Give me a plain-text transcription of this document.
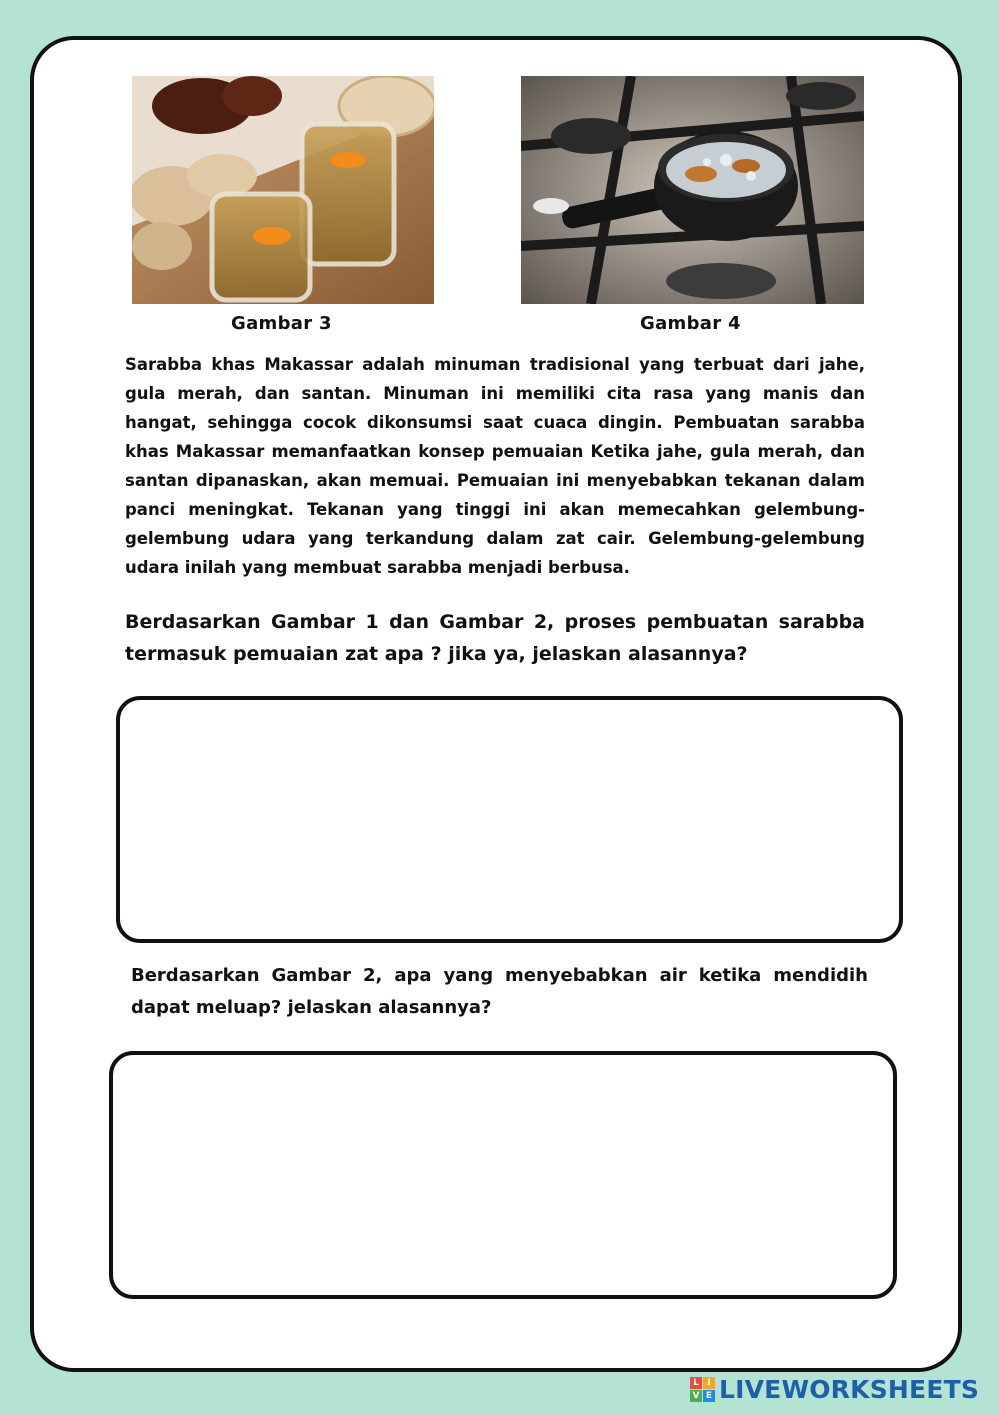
Gambar 3	Gambar 4

Sarabba khas Makassar adalah minuman tradisional yang terbuat dari jahe, gula merah, dan santan. Minuman ini memiliki cita rasa yang manis dan hangat, sehingga cocok dikonsumsi saat cuaca dingin. Pembuatan sarabba khas Makassar memanfaatkan konsep pemuaian Ketika jahe, gula merah, dan santan dipanaskan, akan memuai. Pemuaian ini menyebabkan tekanan dalam panci meningkat. Tekanan yang tinggi ini akan memecahkan gelembung-gelembung udara yang terkandung dalam zat cair. Gelembung-gelembung udara inilah yang membuat sarabba menjadi berbusa.

Berdasarkan Gambar 1 dan Gambar 2, proses pembuatan sarabba termasuk pemuaian zat apa ? jika ya, jelaskan alasannya?

Berdasarkan Gambar 2, apa yang menyebabkan air ketika mendidih dapat meluap? jelaskan alasannya?

L I
V E LIVEWORKSHEETS
